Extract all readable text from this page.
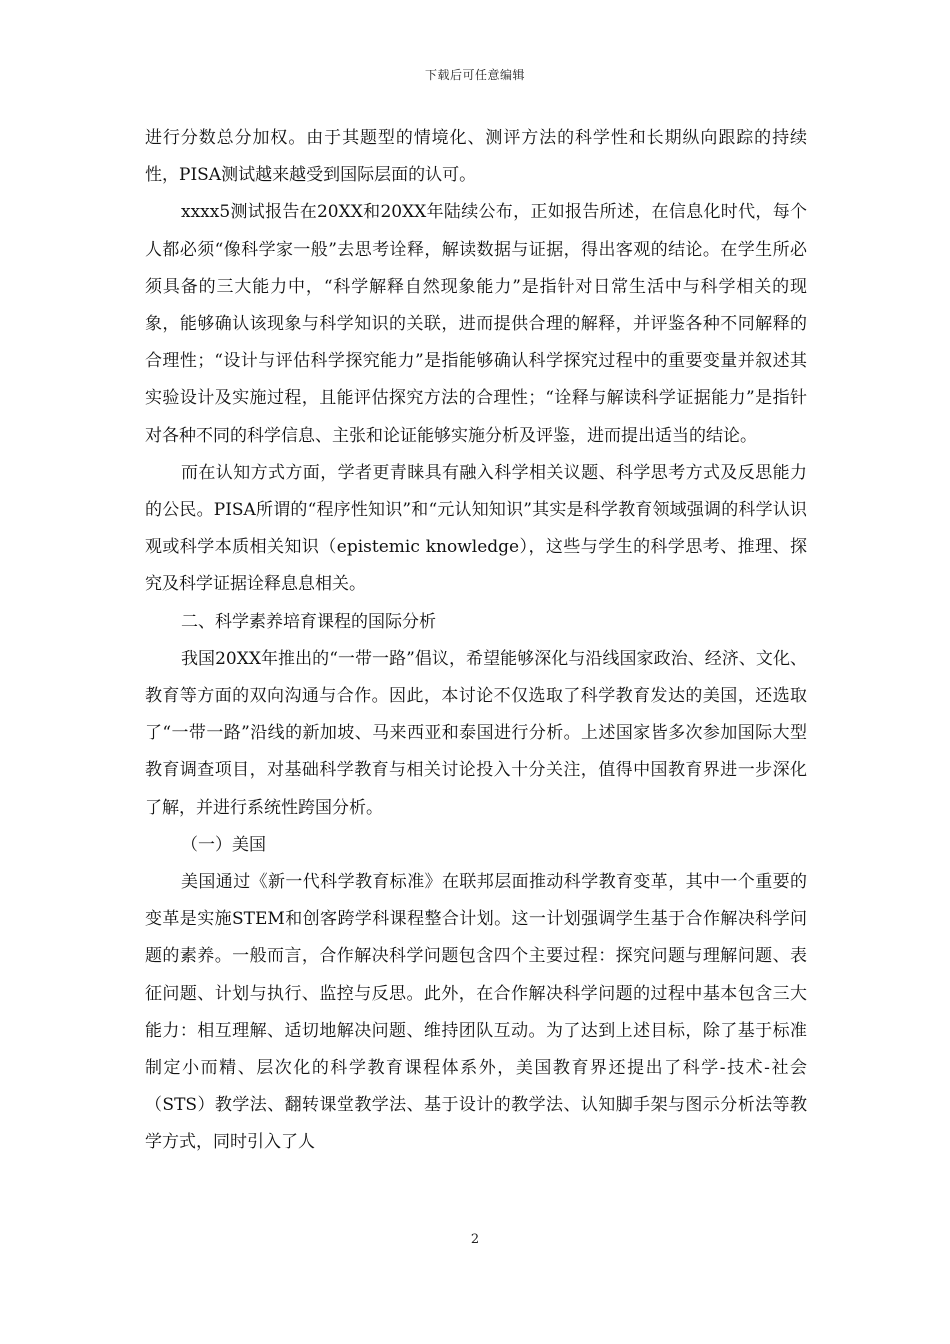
下载后可任意编辑

进行分数总分加权。由于其题型的情境化、测评方法的科学性和长期纵向跟踪的持续性，PISA测试越来越受到国际层面的认可。

xxxx5测试报告在20XX和20XX年陆续公布，正如报告所述，在信息化时代，每个人都必须“像科学家一般”去思考诠释，解读数据与证据，得出客观的结论。在学生所必须具备的三大能力中，“科学解释自然现象能力”是指针对日常生活中与科学相关的现象，能够确认该现象与科学知识的关联，进而提供合理的解释，并评鉴各种不同解释的合理性；“设计与评估科学探究能力”是指能够确认科学探究过程中的重要变量并叙述其实验设计及实施过程，且能评估探究方法的合理性；“诠释与解读科学证据能力”是指针对各种不同的科学信息、主张和论证能够实施分析及评鉴，进而提出适当的结论。

而在认知方式方面，学者更青睐具有融入科学相关议题、科学思考方式及反思能力的公民。PISA所谓的“程序性知识”和“元认知知识”其实是科学教育领域强调的科学认识观或科学本质相关知识（epistemic knowledge），这些与学生的科学思考、推理、探究及科学证据诠释息息相关。

二、科学素养培育课程的国际分析

我国20XX年推出的“一带一路”倡议，希望能够深化与沿线国家政治、经济、文化、教育等方面的双向沟通与合作。因此，本讨论不仅选取了科学教育发达的美国，还选取了“一带一路”沿线的新加坡、马来西亚和泰国进行分析。上述国家皆多次参加国际大型教育调查项目，对基础科学教育与相关讨论投入十分关注，值得中国教育界进一步深化了解，并进行系统性跨国分析。

（一）美国

美国通过《新一代科学教育标准》在联邦层面推动科学教育变革，其中一个重要的变革是实施STEM和创客跨学科课程整合计划。这一计划强调学生基于合作解决科学问题的素养。一般而言，合作解决科学问题包含四个主要过程：探究问题与理解问题、表征问题、计划与执行、监控与反思。此外，在合作解决科学问题的过程中基本包含三大能力：相互理解、适切地解决问题、维持团队互动。为了达到上述目标，除了基于标准制定小而精、层次化的科学教育课程体系外，美国教育界还提出了科学-技术-社会（STS）教学法、翻转课堂教学法、基于设计的教学法、认知脚手架与图示分析法等教学方式，同时引入了人

2
